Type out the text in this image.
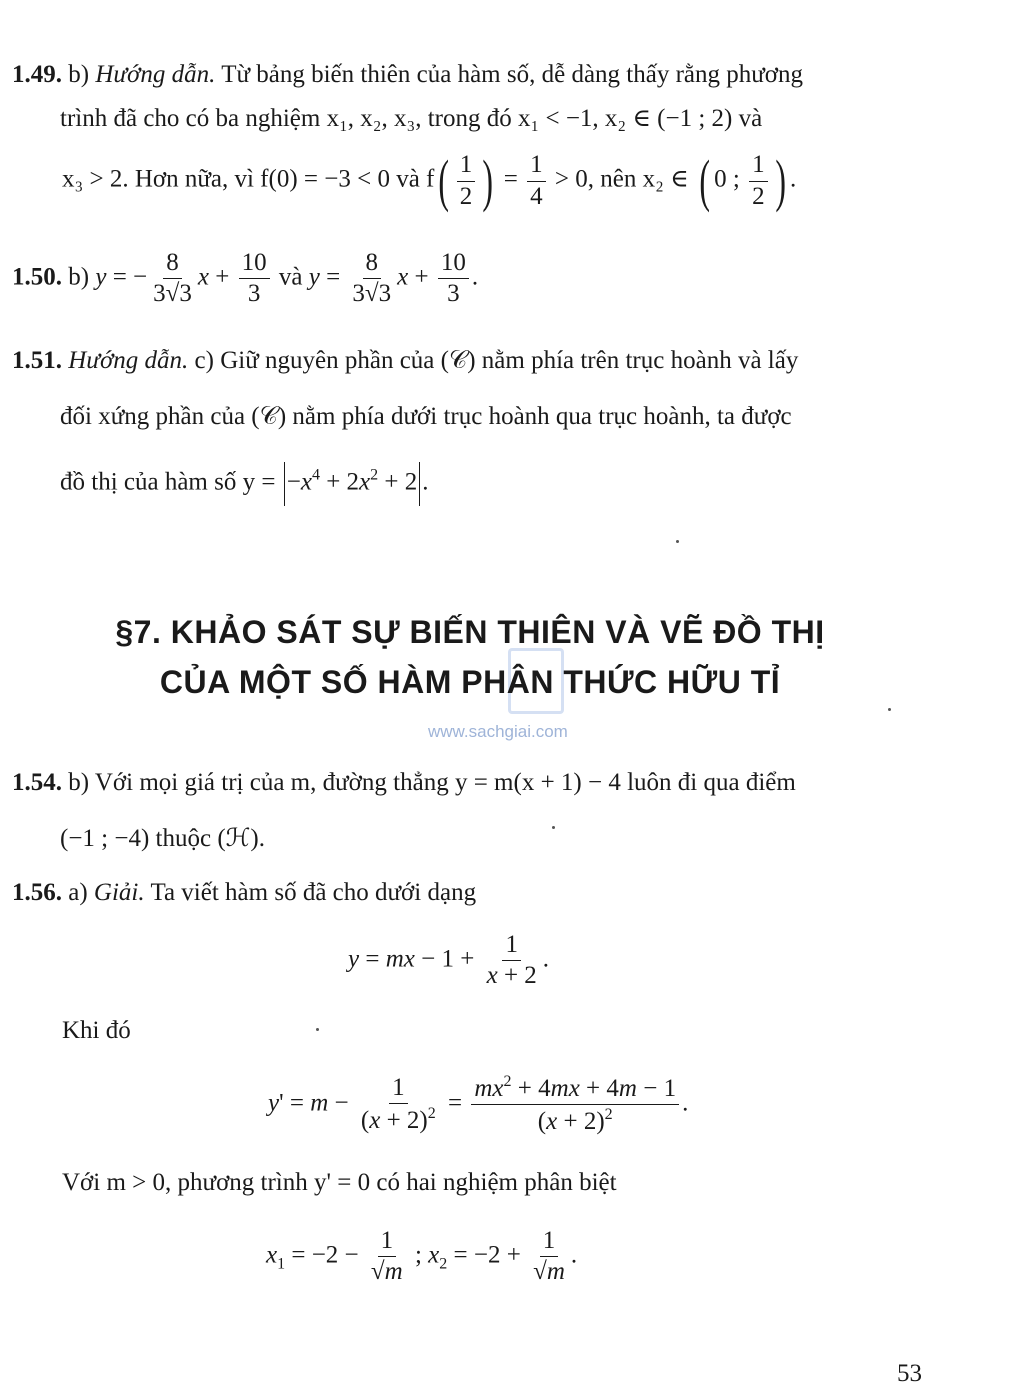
1.49. b) Hướng dẫn. Từ bảng biến thiên của hàm số, dễ dàng thấy rằng phương
trình đã cho có ba nghiệm x₁, x₂, x₃, trong đó x₁ < −1, x₂ ∈ (−1 ; 2) và
x₃ > 2. Hơn nữa, vì f(0) = −3 < 0 và $f( \frac{1}{2}$ ) = $\frac{1}{4} > 0$, nên x₂ ∈ ( 0 ; $\frac{1}{2}$ ) .
1.50. b) y = − $\frac{8}{3√3}$ $x + \frac{10}{3}$ và $y = \frac{8}{3√3}$ $x + \frac{10}{3}$ .
1.51. Hướng dẫn. c) Giữ nguyên phần của (𝒞) nằm phía trên trục hoành và lấy
đối xứng phần của (𝒞) nằm phía dưới trục hoành qua trục hoành, ta được
đồ thị của hàm số $y = -x^4 + 2x^2 + 2$ .
§7. KHẢO SÁT SỰ BIẾN THIÊN VÀ VẼ ĐỒ THỊ
CỦA MỘT SỐ HÀM PHÂN THỨC HỮU TỈ
www.sachgiai.com
1.54. b) Với mọi giá trị của m, đường thẳng y = m(x + 1) − 4 luôn đi qua điểm
(−1 ; −4) thuộc (ℋ).
1.56. a) Giải. Ta viết hàm số đã cho dưới dạng
y = mx − $1 + \frac{1}{x + 2}$ .
Khi đó
$y' = m - \frac{1}{(x + 2)^2} = \frac{mx^2 + 4mx + 4m - 1}{(x + 2)^2}$ .
Với m > 0, phương trình y' = 0 có hai nghiệm phân biệt
$x_1 = -2 - \frac{1}{√m}$ ; $x_2 = -2 + \frac{1}{√m}$ .
53
